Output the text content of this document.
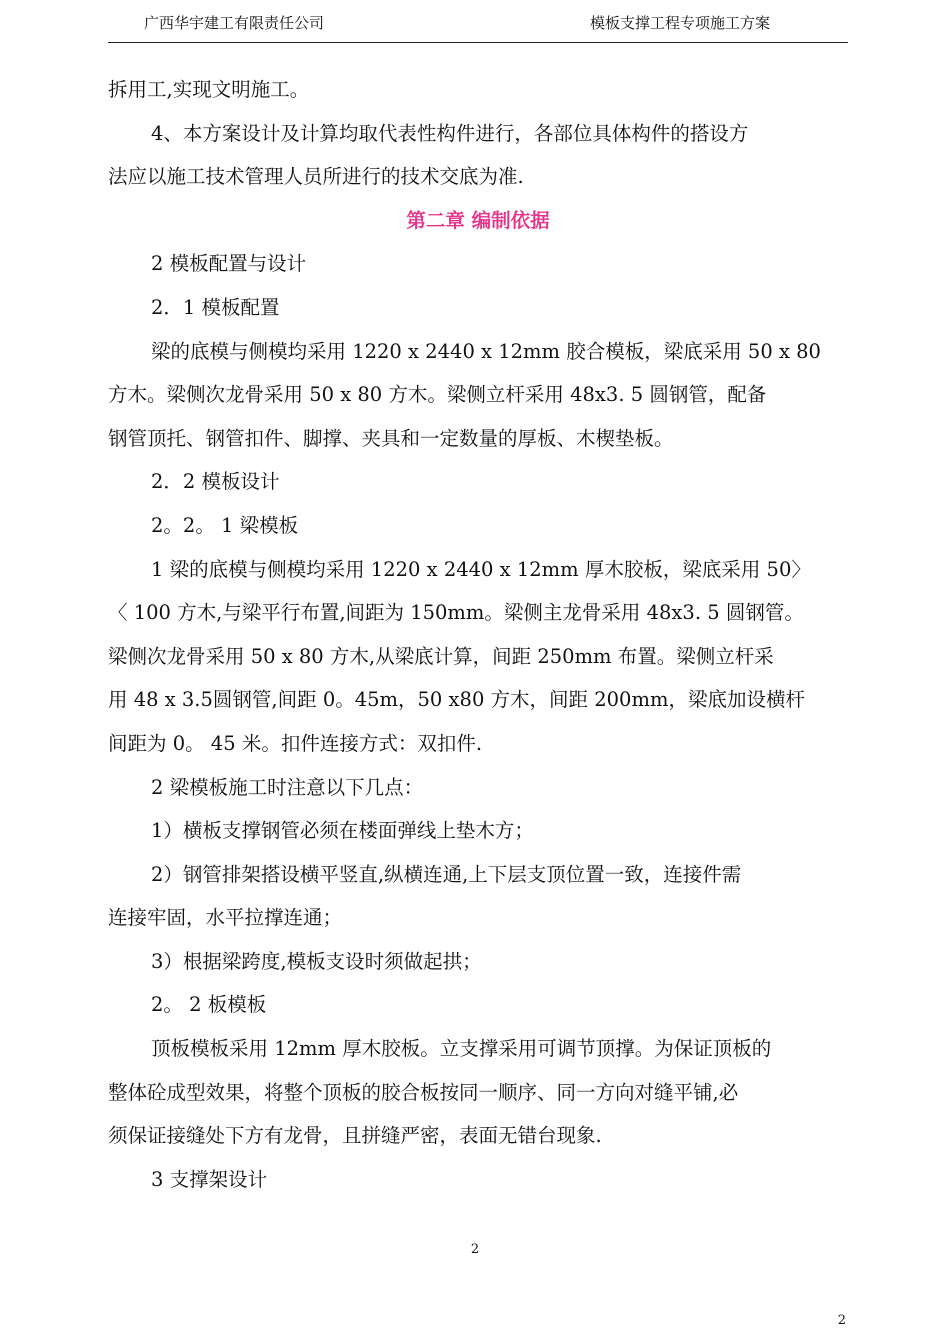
广西华宇建工有限责任公司	模板支撑工程专项施工方案
拆用工,实现文明施工。
4、本方案设计及计算均取代表性构件进行，各部位具体构件的搭设方
法应以施工技术管理人员所进行的技术交底为准.
第二章 编制依据
2 模板配置与设计
2．1 模板配置
梁的底模与侧模均采用 1220 x 2440 x 12mm 胶合模板，梁底采用 50 x 80
方木。梁侧次龙骨采用 50 x 80 方木。梁侧立杆采用 48x3. 5 圆钢管，配备
钢管顶托、钢管扣件、脚撑、夹具和一定数量的厚板、木楔垫板。
2．2 模板设计
2。2。 1 梁模板
1 梁的底模与侧模均采用 1220 x 2440 x 12mm 厚木胶板，梁底采用 50〉
〈 100 方木,与梁平行布置,间距为 150mm。梁侧主龙骨采用 48x3. 5 圆钢管。
梁侧次龙骨采用 50 x 80 方木,从梁底计算，间距 250mm 布置。梁侧立杆采
用 48 x 3.5圆钢管,间距 0。45m，50 x80 方木，间距 200mm，梁底加设横杆
间距为 0。 45 米。扣件连接方式：双扣件.
2 梁模板施工时注意以下几点：
1）横板支撑钢管必须在楼面弹线上垫木方；
2）钢管排架搭设横平竖直,纵横连通,上下层支顶位置一致，连接件需
连接牢固，水平拉撑连通；
3）根据梁跨度,模板支设时须做起拱；
2。 2 板模板
顶板模板采用 12mm 厚木胶板。立支撑采用可调节顶撑。为保证顶板的
整体砼成型效果，将整个顶板的胶合板按同一顺序、同一方向对缝平铺,必
须保证接缝处下方有龙骨，且拼缝严密，表面无错台现象.
3 支撑架设计
2
2
